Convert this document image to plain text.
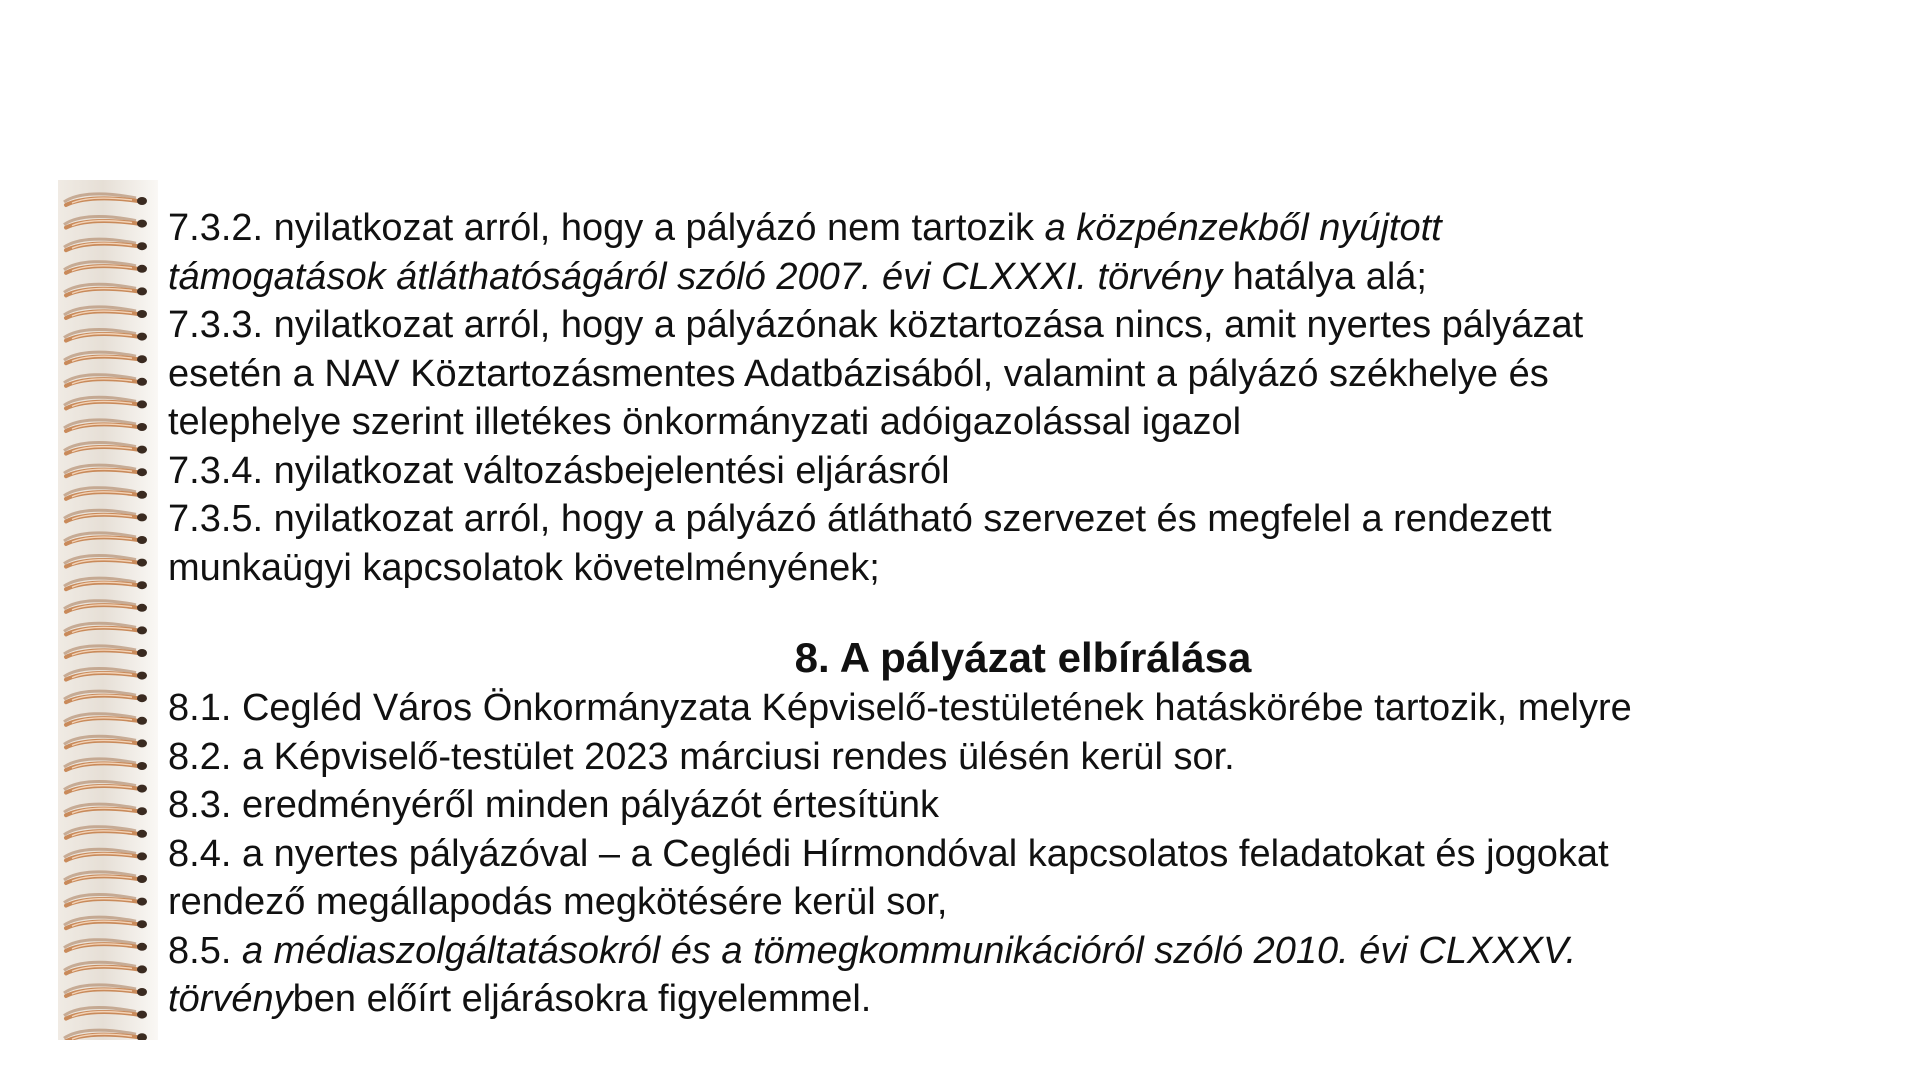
7.3.2. nyilatkozat arról, hogy a pályázó nem tartozik a közpénzekből nyújtott

támogatások átláthatóságáról szóló 2007. évi CLXXXI. törvény hatálya alá;

7.3.3. nyilatkozat arról, hogy a pályázónak köztartozása nincs, amit nyertes pályázat

esetén a NAV Köztartozásmentes Adatbázisából, valamint a pályázó székhelye és

telephelye szerint illetékes önkormányzati adóigazolással igazol

7.3.4. nyilatkozat változásbejelentési eljárásról

7.3.5. nyilatkozat arról, hogy a pályázó átlátható szervezet és megfelel a rendezett

munkaügyi kapcsolatok követelményének;

8. A pályázat elbírálása

8.1. Cegléd Város Önkormányzata Képviselő-testületének hatáskörébe tartozik, melyre

8.2. a Képviselő-testület 2023 márciusi rendes ülésén kerül sor.

8.3. eredményéről minden pályázót értesítünk

8.4. a nyertes pályázóval – a Ceglédi Hírmondóval kapcsolatos feladatokat és jogokat

rendező megállapodás megkötésére kerül sor,

8.5. a médiaszolgáltatásokról és a tömegkommunikációról szóló 2010. évi CLXXXV.

törvényben előírt eljárásokra figyelemmel.
